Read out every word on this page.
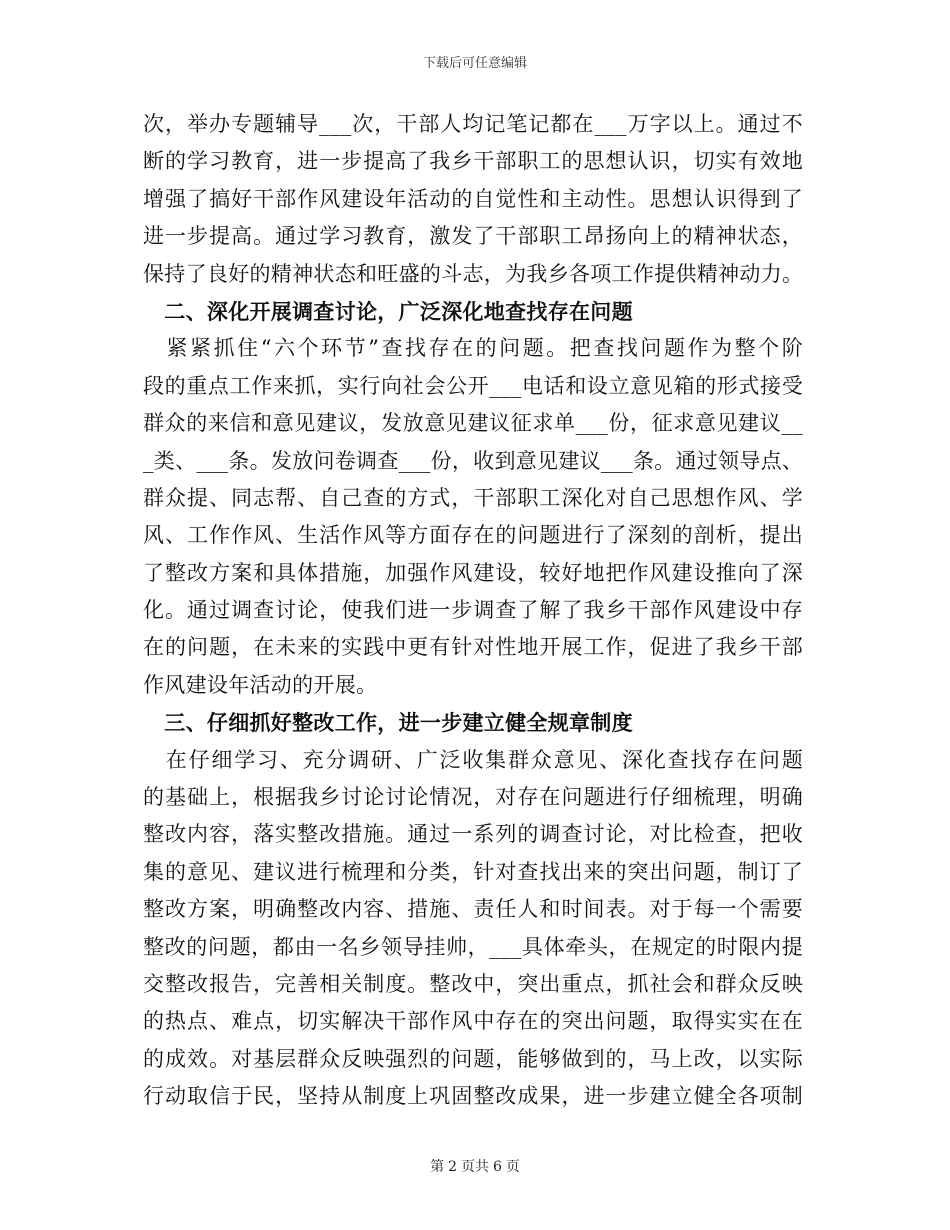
下载后可任意编辑
次，举办专题辅导___次，干部人均记笔记都在___万字以上。通过不
断的学习教育，进一步提高了我乡干部职工的思想认识，切实有效地
增强了搞好干部作风建设年活动的自觉性和主动性。思想认识得到了
进一步提高。通过学习教育，激发了干部职工昂扬向上的精神状态，
保持了良好的精神状态和旺盛的斗志，为我乡各项工作提供精神动力。
　二、深化开展调查讨论，广泛深化地查找存在问题
　紧紧抓住“六个环节”查找存在的问题。把查找问题作为整个阶
段的重点工作来抓，实行向社会公开___电话和设立意见箱的形式接受
群众的来信和意见建议，发放意见建议征求单___份，征求意见建议__
_类、___条。发放问卷调查___份，收到意见建议___条。通过领导点、
群众提、同志帮、自己查的方式，干部职工深化对自己思想作风、学
风、工作作风、生活作风等方面存在的问题进行了深刻的剖析，提出
了整改方案和具体措施，加强作风建设，较好地把作风建设推向了深
化。通过调查讨论，使我们进一步调查了解了我乡干部作风建设中存
在的问题，在未来的实践中更有针对性地开展工作，促进了我乡干部
作风建设年活动的开展。
　三、仔细抓好整改工作，进一步建立健全规章制度
　在仔细学习、充分调研、广泛收集群众意见、深化查找存在问题
的基础上，根据我乡讨论讨论情况，对存在问题进行仔细梳理，明确
整改内容，落实整改措施。通过一系列的调查讨论，对比检查，把收
集的意见、建议进行梳理和分类，针对查找出来的突出问题，制订了
整改方案，明确整改内容、措施、责任人和时间表。对于每一个需要
整改的问题，都由一名乡领导挂帅，___具体牵头，在规定的时限内提
交整改报告，完善相关制度。整改中，突出重点，抓社会和群众反映
的热点、难点，切实解决干部作风中存在的突出问题，取得实实在在
的成效。对基层群众反映强烈的问题，能够做到的，马上改，以实际
行动取信于民，坚持从制度上巩固整改成果，进一步建立健全各项制
第 2 页共 6 页
